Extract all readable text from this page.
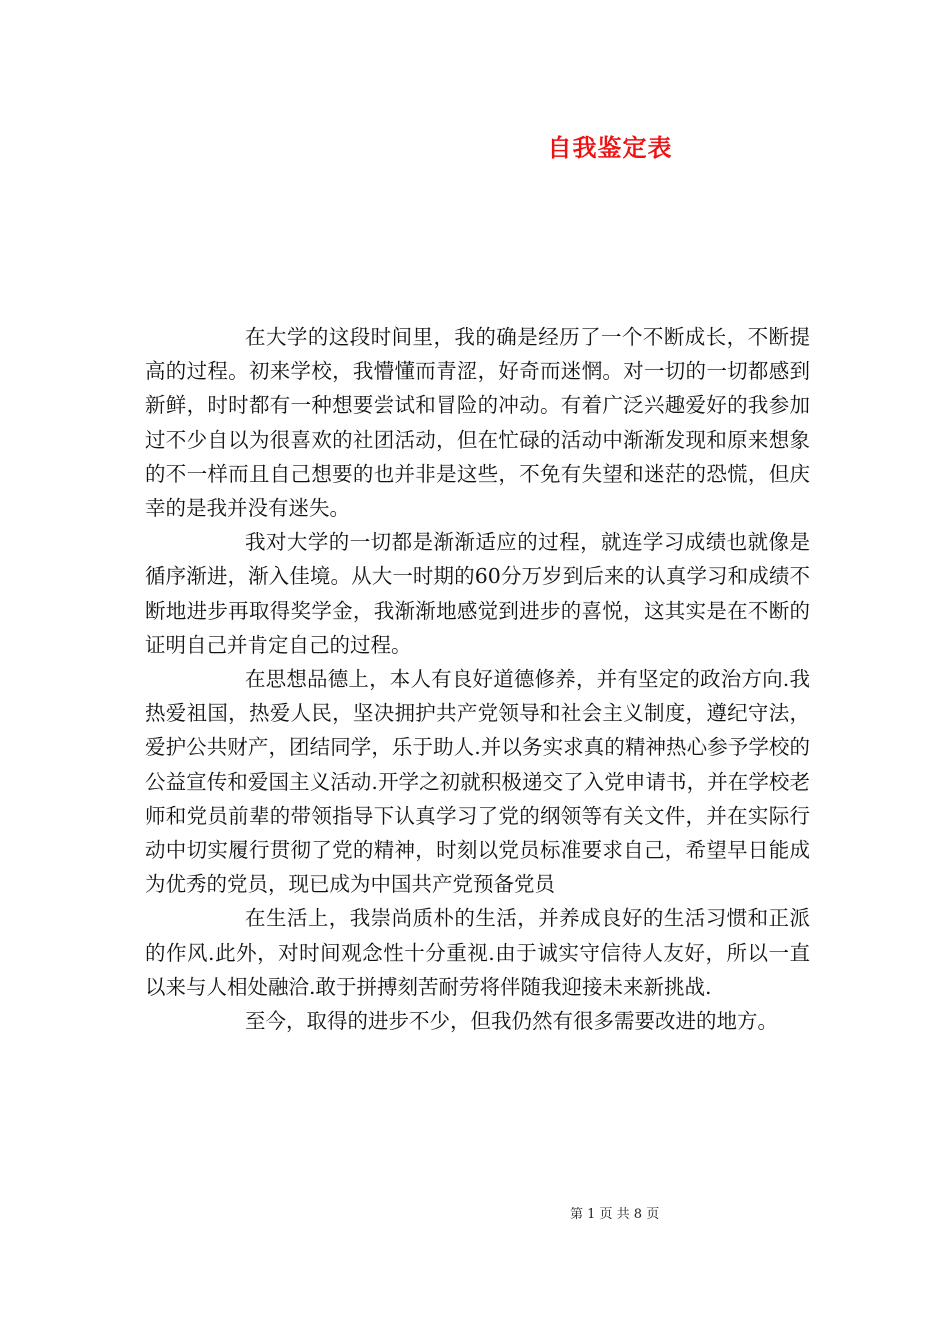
自我鉴定表

在大学的这段时间里，我的确是经历了一个不断成长，不断提高的过程。初来学校，我懵懂而青涩，好奇而迷惘。对一切的一切都感到新鲜，时时都有一种想要尝试和冒险的冲动。有着广泛兴趣爱好的我参加过不少自以为很喜欢的社团活动，但在忙碌的活动中渐渐发现和原来想象的不一样而且自己想要的也并非是这些，不免有失望和迷茫的恐慌，但庆幸的是我并没有迷失。

我对大学的一切都是渐渐适应的过程，就连学习成绩也就像是循序渐进，渐入佳境。从大一时期的60分万岁到后来的认真学习和成绩不断地进步再取得奖学金，我渐渐地感觉到进步的喜悦，这其实是在不断的证明自己并肯定自己的过程。

在思想品德上，本人有良好道德修养，并有坚定的政治方向.我热爱祖国，热爱人民，坚决拥护共产党领导和社会主义制度，遵纪守法，爱护公共财产，团结同学，乐于助人.并以务实求真的精神热心参予学校的公益宣传和爱国主义活动.开学之初就积极递交了入党申请书，并在学校老师和党员前辈的带领指导下认真学习了党的纲领等有关文件，并在实际行动中切实履行贯彻了党的精神，时刻以党员标准要求自己，希望早日能成为优秀的党员，现已成为中国共产党预备党员

在生活上，我崇尚质朴的生活，并养成良好的生活习惯和正派的作风.此外，对时间观念性十分重视.由于诚实守信待人友好，所以一直以来与人相处融洽.敢于拼搏刻苦耐劳将伴随我迎接未来新挑战.

至今，取得的进步不少，但我仍然有很多需要改进的地方。

第 1 页 共 8 页
